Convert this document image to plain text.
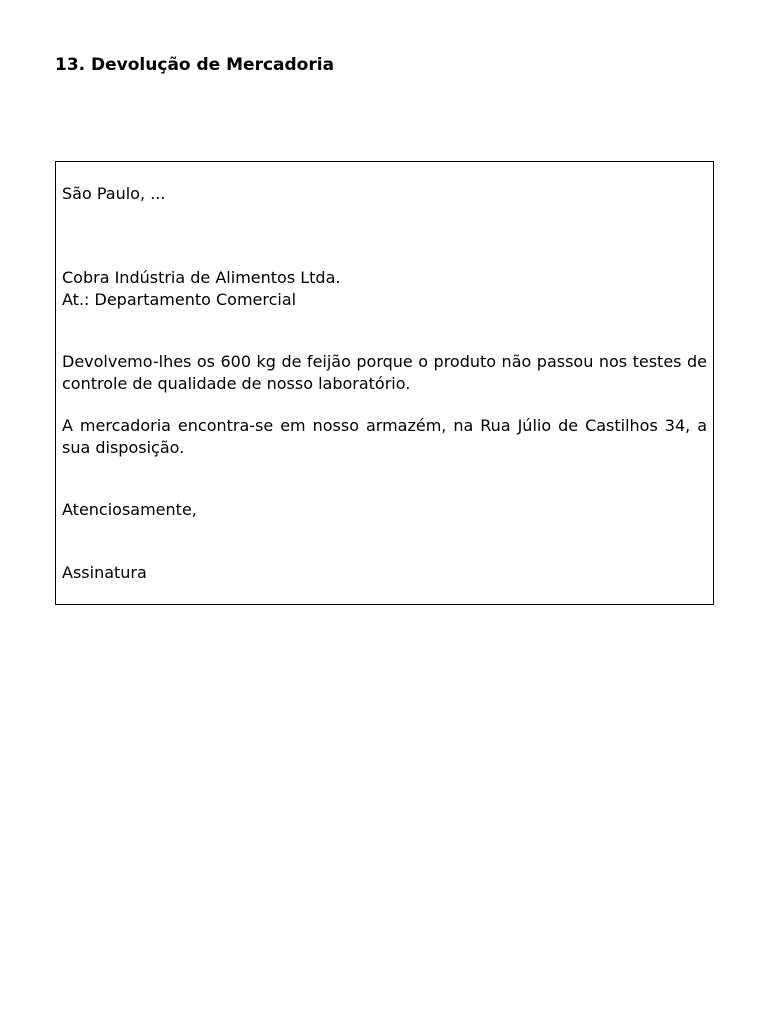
13. Devolução de Mercadoria

São Paulo, ...

Cobra Indústria de Alimentos Ltda.

At.: Departamento Comercial

Devolvemo-lhes os 600 kg de feijão porque o produto não passou nos testes de controle de qualidade de nosso laboratório.

A mercadoria encontra-se em nosso armazém, na Rua Júlio de Castilhos 34, a sua disposição.

Atenciosamente,

Assinatura
